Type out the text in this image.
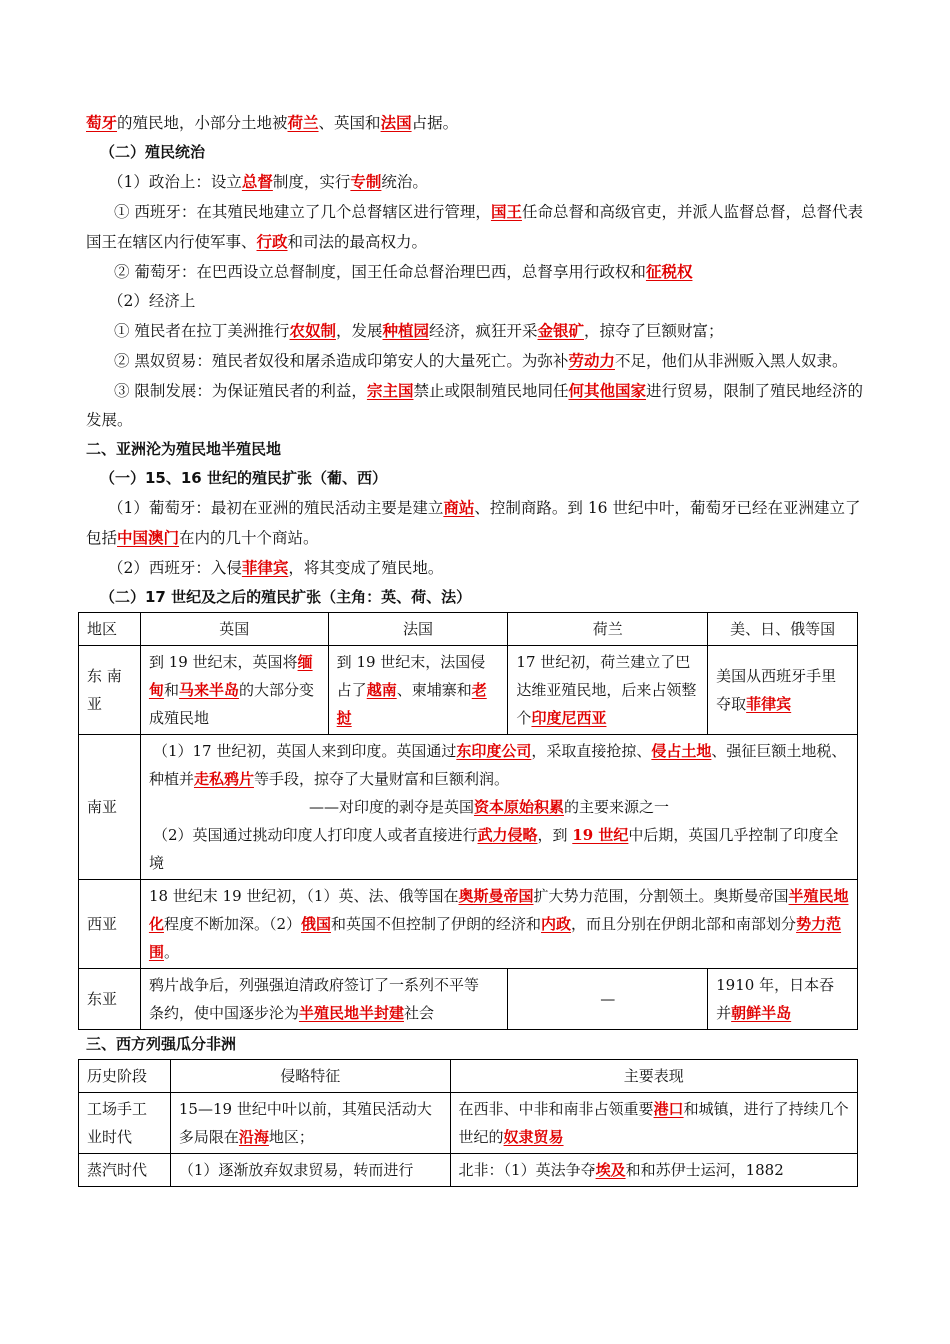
萄牙的殖民地，小部分土地被荷兰、英国和法国占据。

（二）殖民统治

（1）政治上：设立总督制度，实行专制统治。

① 西班牙：在其殖民地建立了几个总督辖区进行管理，国王任命总督和高级官吏，并派人监督总督，总督代表国王在辖区内行使军事、行政和司法的最高权力。

② 葡萄牙：在巴西设立总督制度，国王任命总督治理巴西，总督享用行政权和征税权

（2）经济上

① 殖民者在拉丁美洲推行农奴制，发展种植园经济，疯狂开采金银矿，掠夺了巨额财富；

② 黑奴贸易：殖民者奴役和屠杀造成印第安人的大量死亡。为弥补劳动力不足，他们从非洲贩入黑人奴隶。

③ 限制发展：为保证殖民者的利益，宗主国禁止或限制殖民地同任何其他国家进行贸易，限制了殖民地经济的发展。

二、亚洲沦为殖民地半殖民地

（一）15、16 世纪的殖民扩张（葡、西）

（1）葡萄牙：最初在亚洲的殖民活动主要是建立商站、控制商路。到 16 世纪中叶，葡萄牙已经在亚洲建立了包括中国澳门在内的几十个商站。

（2）西班牙：入侵菲律宾，将其变成了殖民地。

（二）17 世纪及之后的殖民扩张（主角：英、荷、法）

地区	英国	法国	荷兰	美、日、俄等国
东 南 亚	到 19 世纪末，英国将缅甸和马来半岛的大部分变成殖民地	到 19 世纪末，法国侵占了越南、柬埔寨和老挝	17 世纪初，荷兰建立了巴达维亚殖民地，后来占领整个印度尼西亚	美国从西班牙手里夺取菲律宾
南亚	（1）17 世纪初，英国人来到印度。英国通过东印度公司，采取直接抢掠、侵占土地、强征巨额土地税、种植并走私鸦片等手段，掠夺了大量财富和巨额利润。
——对印度的剥夺是英国资本原始积累的主要来源之一
（2）英国通过挑动印度人打印度人或者直接进行武力侵略，到 19 世纪中后期，英国几乎控制了印度全境			

西亚	18 世纪末 19 世纪初，（1）英、法、俄等国在奥斯曼帝国扩大势力范围，分割领土。奥斯曼帝国半殖民地化程度不断加深。（2）俄国和英国不但控制了伊朗的经济和内政，而且分别在伊朗北部和南部划分势力范围。			
东亚	鸦片战争后，列强强迫清政府签订了一系列不平等条约，使中国逐步沦为半殖民地半封建社会		—	1910 年，日本吞并朝鲜半岛

三、西方列强瓜分非洲

历史阶段	侵略特征	主要表现
工场手工业时代	15—19 世纪中叶以前，其殖民活动大多局限在沿海地区；	在西非、中非和南非占领重要港口和城镇，进行了持续几个世纪的奴隶贸易
蒸汽时代	（1）逐渐放弃奴隶贸易，转而进行	北非：（1）英法争夺埃及和和苏伊士运河，1882
